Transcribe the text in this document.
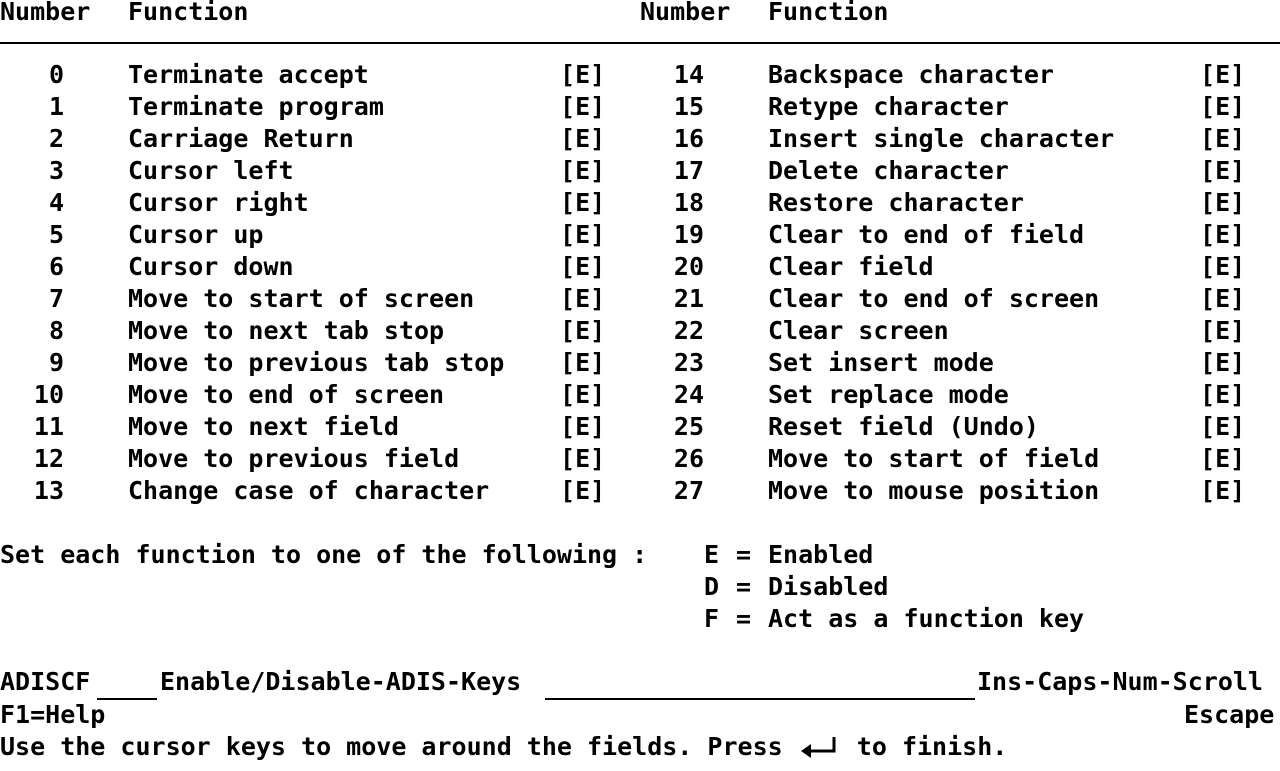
Number Function	Number Function
0	Terminate accept	[E]
1	Terminate program	[E]
2	Carriage Return	[E]
3	Cursor left	[E]
4	Cursor right	[E]
5	Cursor up	[E]
6	Cursor down	[E]
7	Move to start of screen	[E]
8	Move to next tab stop	[E]
9	Move to previous tab stop [E]
10	Move to end of screen	[E]
11	Move to next field	[E]
12	Move to previous field	[E]
13	Change case of character	[E]
14	Backspace character	[E]
15	Retype character	[E]
16	Insert single character	[E]
17	Delete character	[E]
18	Restore character	[E]
19	Clear to end of field	[E]
20	Clear field	[E]
21	Clear to end of screen	[E]
22	Clear screen	[E]
23	Set insert mode	[E]
24	Set replace mode	[E]
25	Reset field (Undo)	[E]
26	Move to start of field	[E]
27	Move to mouse position	[E]
Set each function to one of the following : E = Enabled
D = Disabled
F = Act as a function key
ADISCF	Enable/Disable-ADIS-Keys	Ins-Caps-Num-Scroll
F1=Help	Escape
Use the cursor keys to move around the fields. Press	to finish.
